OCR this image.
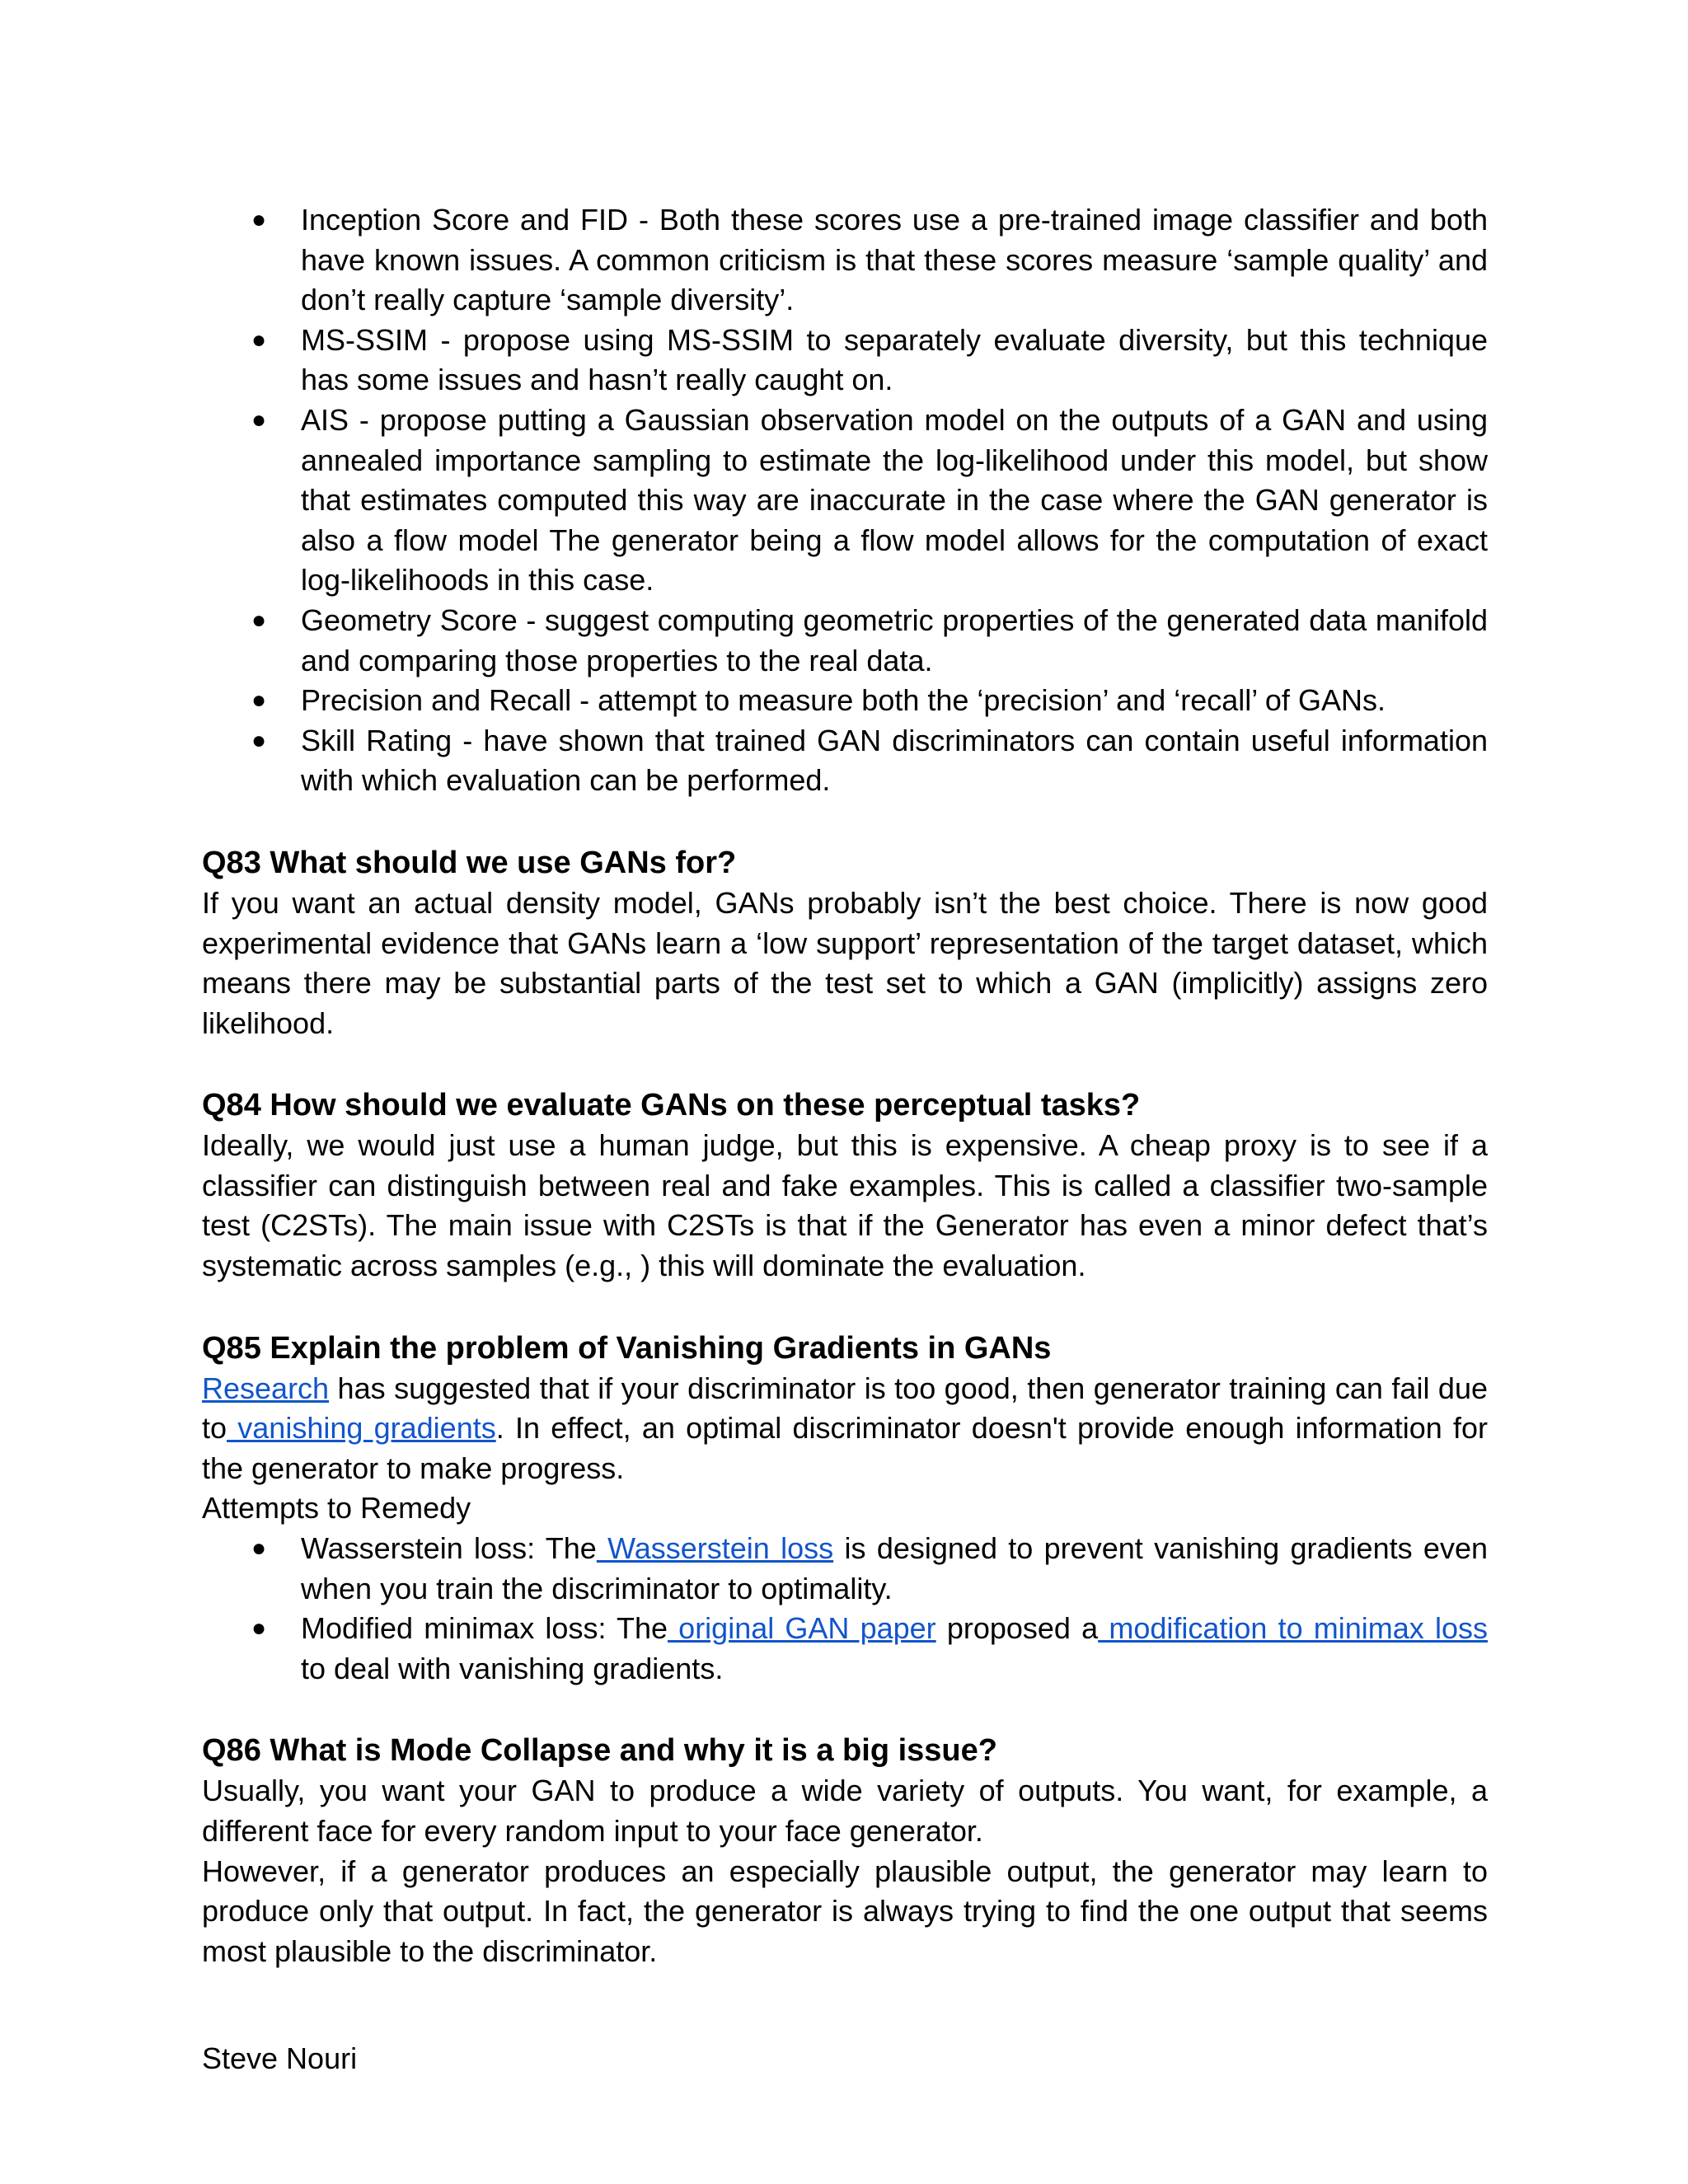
● Inception Score and FID - Both these scores use a pre-trained image classifier and both have known issues. A common criticism is that these scores measure ‘sample quality’ and don’t really capture ‘sample diversity’.
● MS-SSIM - propose using MS-SSIM to separately evaluate diversity, but this technique has some issues and hasn’t really caught on.
● AIS - propose putting a Gaussian observation model on the outputs of a GAN and using annealed importance sampling to estimate the log-likelihood under this model, but show that estimates computed this way are inaccurate in the case where the GAN generator is also a flow model The generator being a flow model allows for the computation of exact log-likelihoods in this case.
● Geometry Score - suggest computing geometric properties of the generated data manifold and comparing those properties to the real data.
● Precision and Recall - attempt to measure both the ‘precision’ and ‘recall’ of GANs.
● Skill Rating - have shown that trained GAN discriminators can contain useful information with which evaluation can be performed.
Q83 What should we use GANs for?
If you want an actual density model, GANs probably isn’t the best choice. There is now good experimental evidence that GANs learn a ‘low support’ representation of the target dataset, which means there may be substantial parts of the test set to which a GAN (implicitly) assigns zero likelihood.
Q84 How should we evaluate GANs on these perceptual tasks?
Ideally, we would just use a human judge, but this is expensive. A cheap proxy is to see if a classifier can distinguish between real and fake examples. This is called a classifier two-sample test (C2STs). The main issue with C2STs is that if the Generator has even a minor defect that’s systematic across samples (e.g., ) this will dominate the evaluation.
Q85 Explain the problem of Vanishing Gradients in GANs
Research has suggested that if your discriminator is too good, then generator training can fail due to vanishing gradients. In effect, an optimal discriminator doesn't provide enough information for the generator to make progress.
Attempts to Remedy
● Wasserstein loss: The Wasserstein loss is designed to prevent vanishing gradients even when you train the discriminator to optimality.
● Modified minimax loss: The original GAN paper proposed a modification to minimax loss to deal with vanishing gradients.
Q86 What is Mode Collapse and why it is a big issue?
Usually, you want your GAN to produce a wide variety of outputs. You want, for example, a different face for every random input to your face generator.
However, if a generator produces an especially plausible output, the generator may learn to produce only that output. In fact, the generator is always trying to find the one output that seems most plausible to the discriminator.
Steve Nouri
